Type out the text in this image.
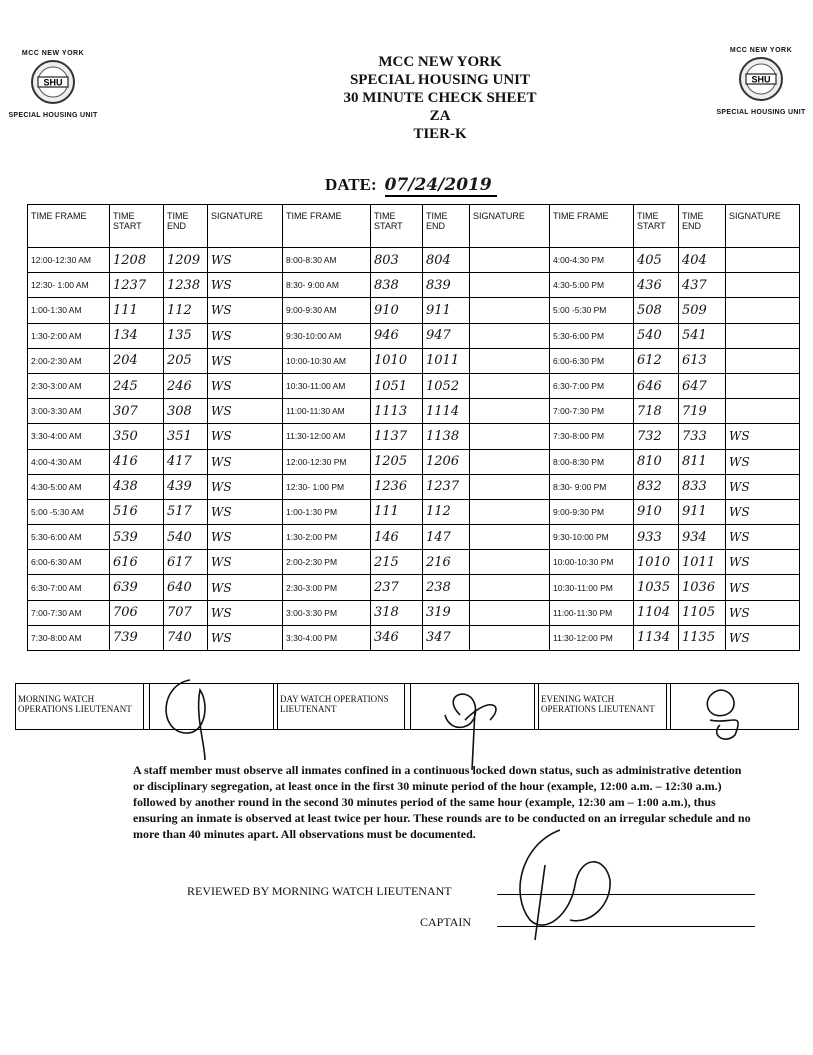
MCC NEW YORK
SHU
SPECIAL HOUSING UNIT
MCC NEW YORK
SHU
SPECIAL HOUSING UNIT
MCC NEW YORK
SPECIAL HOUSING UNIT
30 MINUTE CHECK SHEET
ZA
TIER-K
DATE: 07/24/2019
TIME FRAME	TIME START	TIME END	SIGNATURE	TIME FRAME	TIME START	TIME END	SIGNATURE	TIME FRAME	TIME START	TIME END	SIGNATURE
12:00-12:30 AM	1208	1209	WS	8:00-8:30 AM	803	804		4:00-4:30 PM	405	404	
12:30- 1:00 AM	1237	1238	WS	8:30- 9:00 AM	838	839		4:30-5:00 PM	436	437	
1:00-1:30 AM	111	112	WS	9:00-9:30 AM	910	911		5:00 -5:30 PM	508	509	
1:30-2:00 AM	134	135	WS	9:30-10:00 AM	946	947		5:30-6:00 PM	540	541	
2:00-2:30 AM	204	205	WS	10:00-10:30 AM	1010	1011		6:00-6:30 PM	612	613	
2:30-3:00 AM	245	246	WS	10:30-11:00 AM	1051	1052		6:30-7:00 PM	646	647	
3:00-3:30 AM	307	308	WS	11:00-11:30 AM	1113	1114		7:00-7:30 PM	718	719	
3:30-4:00 AM	350	351	WS	11:30-12:00 AM	1137	1138		7:30-8:00 PM	732	733	WS
4:00-4:30 AM	416	417	WS	12:00-12:30 PM	1205	1206		8:00-8:30 PM	810	811	WS
4:30-5:00 AM	438	439	WS	12:30- 1:00 PM	1236	1237		8:30- 9:00 PM	832	833	WS
5:00 -5:30 AM	516	517	WS	1:00-1:30 PM	111	112		9:00-9:30 PM	910	911	WS
5:30-6:00 AM	539	540	WS	1:30-2:00 PM	146	147		9:30-10:00 PM	933	934	WS
6:00-6:30 AM	616	617	WS	2:00-2:30 PM	215	216		10:00-10:30 PM	1010	1011	WS
6:30-7:00 AM	639	640	WS	2:30-3:00 PM	237	238		10:30-11:00 PM	1035	1036	WS
7:00-7:30 AM	706	707	WS	3:00-3:30 PM	318	319		11:00-11:30 PM	1104	1105	WS
7:30-8:00 AM	739	740	WS	3:30-4:00 PM	346	347		11:30-12:00 PM	1134	1135	WS
MORNING WATCH OPERATIONS LIEUTENANT
DAY WATCH OPERATIONS LIEUTENANT
EVENING WATCH OPERATIONS LIEUTENANT
A staff member must observe all inmates confined in a continuous locked down status, such as administrative detention or disciplinary segregation, at least once in the first 30 minute period of the hour (example, 12:00 a.m. – 12:30 a.m.) followed by another round in the second 30 minutes period of the same hour (example, 12:30 am – 1:00 a.m.), thus ensuring an inmate is observed at least twice per hour. These rounds are to be conducted on an irregular schedule and no more than 40 minutes apart. All observations must be documented.
REVIEWED BY MORNING WATCH LIEUTENANT
CAPTAIN
